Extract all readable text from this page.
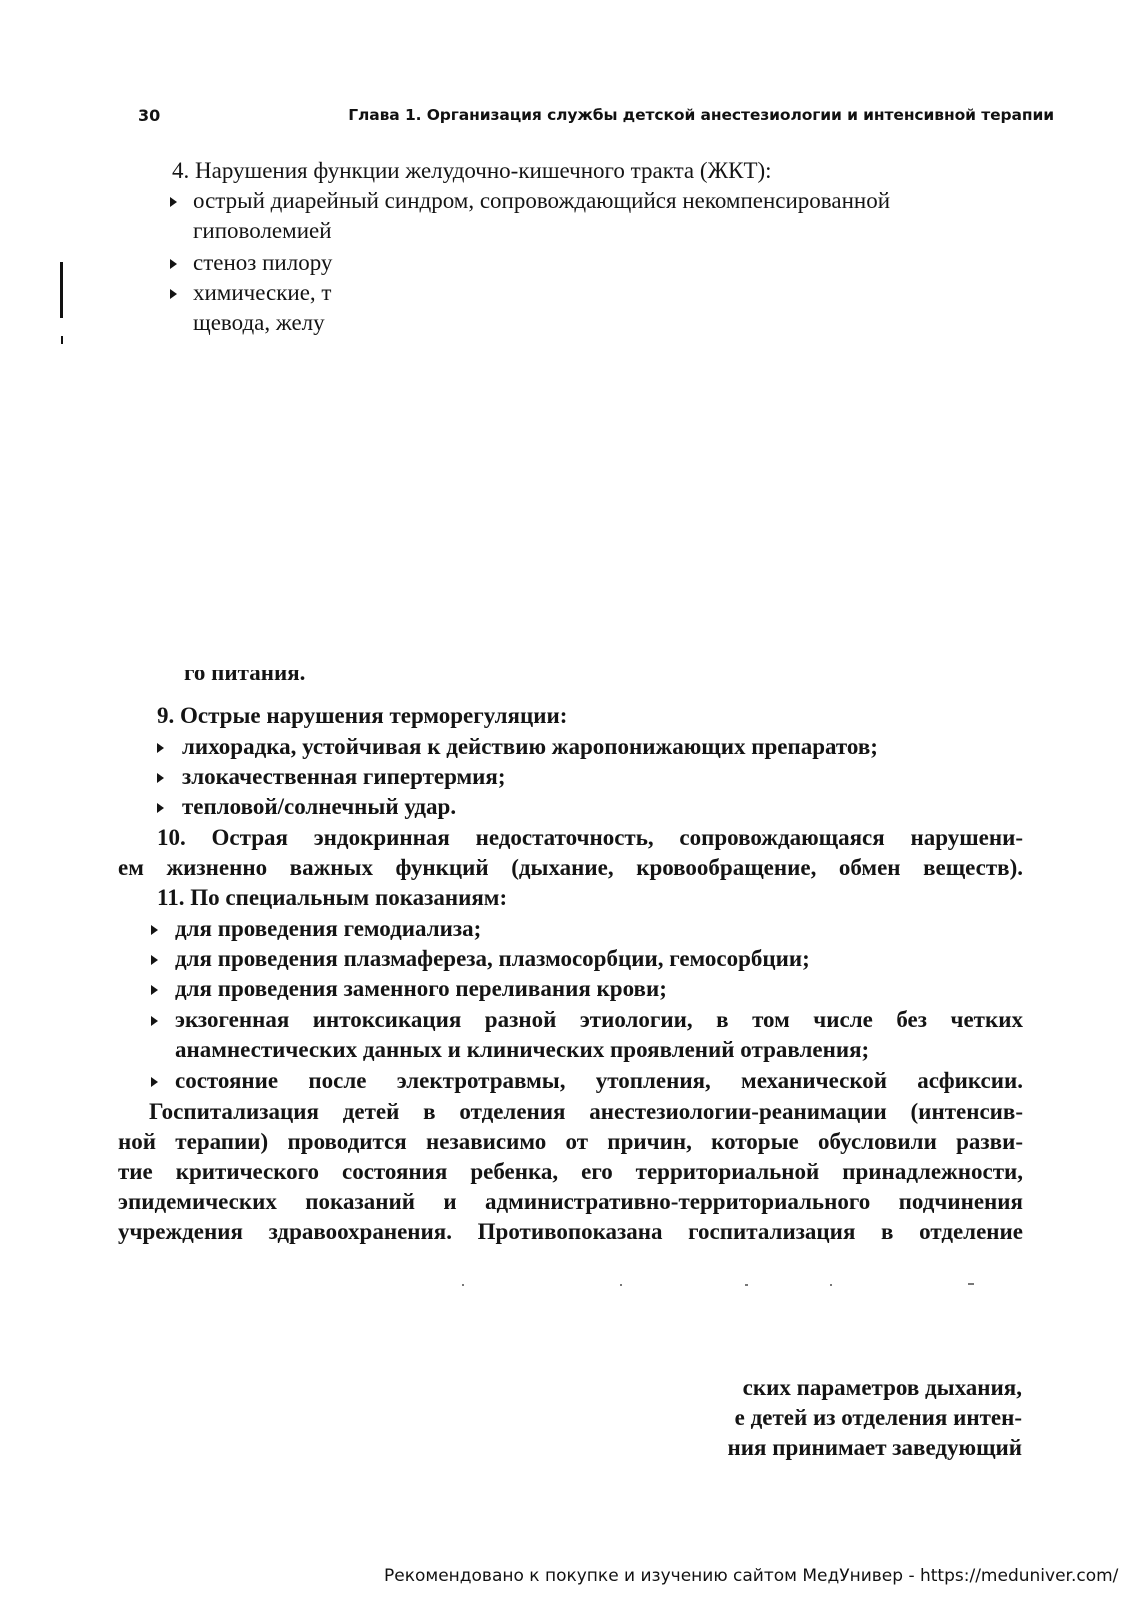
30	Глава 1. Организация службы детской анестезиологии и интенсивной терапии
4. Нарушения функции желудочно-кишечного тракта (ЖКТ):
острый диарейный синдром, сопровождающийся некомпенсированной
гиповолемией
стеноз пилору
химические, т
щевода, желу
го питания.
9. Острые нарушения терморегуляции:
лихорадка, устойчивая к действию жаропонижающих препаратов;
злокачественная гипертермия;
тепловой/солнечный удар.
10. Острая эндокринная недостаточность, сопровождающаяся нарушени-
ем жизненно важных функций (дыхание, кровообращение, обмен веществ).
11. По специальным показаниям:
для проведения гемодиализа;
для проведения плазмафереза, плазмосорбции, гемосорбции;
для проведения заменного переливания крови;
экзогенная интоксикация разной этиологии, в том числе без четких
анамнестических данных и клинических проявлений отравления;
состояние после электротравмы, утопления, механической асфиксии.
Госпитализация детей в отделения анестезиологии-реанимации (интенсив-
ной терапии) проводится независимо от причин, которые обусловили разви-
тие критического состояния ребенка, его территориальной принадлежности,
эпидемических показаний и административно-территориального подчинения
учреждения здравоохранения. Противопоказана госпитализация в отделение
ских параметров дыхания,
е детей из отделения интен-
ния принимает заведующий
Рекомендовано к покупке и изучению сайтом МедУнивер - https://meduniver.com/
